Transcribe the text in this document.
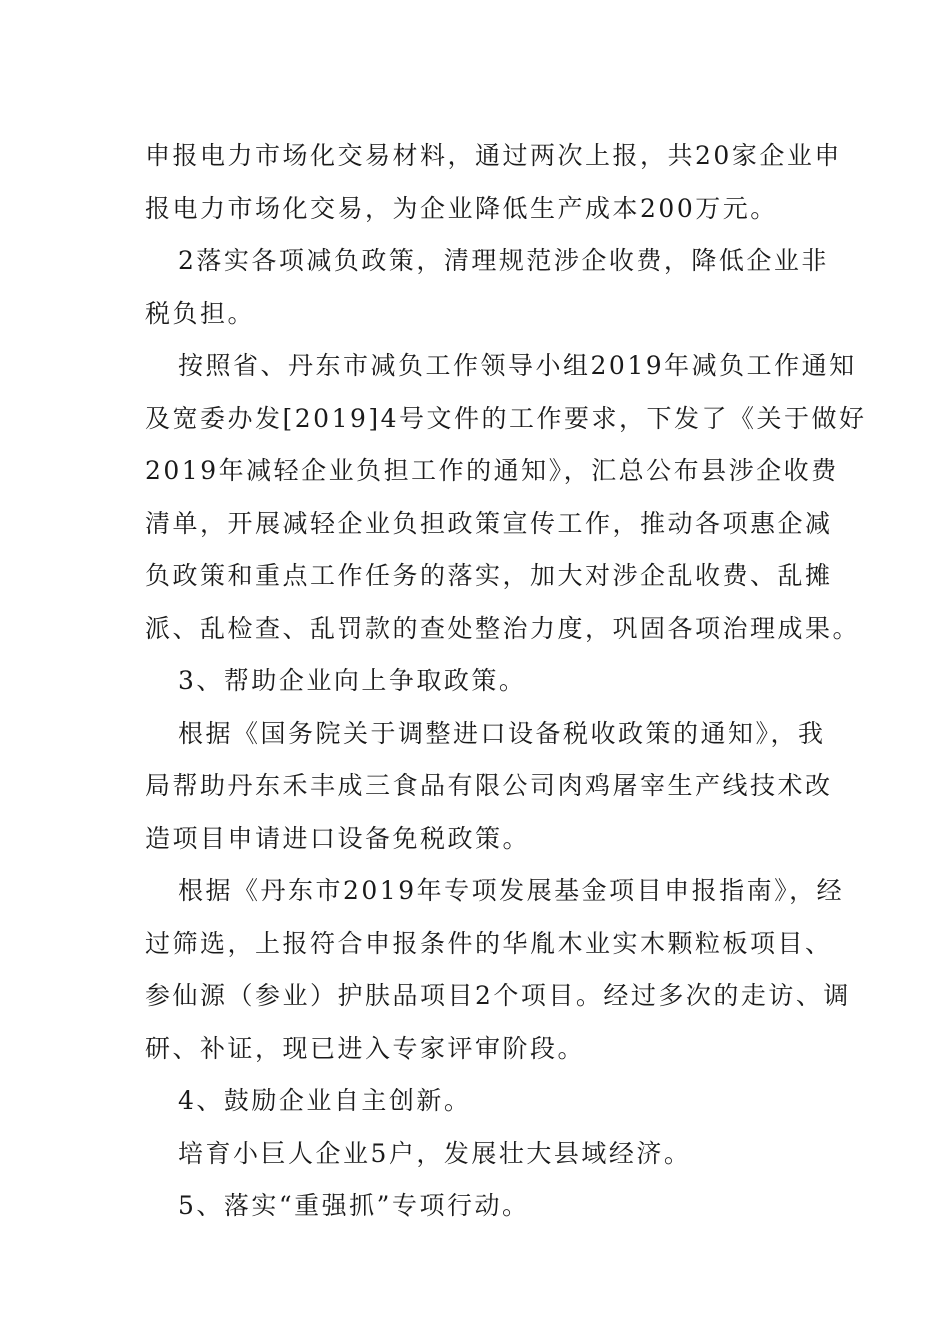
申报电力市场化交易材料，通过两次上报，共20家企业申
报电力市场化交易，为企业降低生产成本200万元。
2落实各项减负政策，清理规范涉企收费，降低企业非
税负担。
按照省、丹东市减负工作领导小组2019年减负工作通知
及宽委办发[2019]4号文件的工作要求，下发了《关于做好
2019年减轻企业负担工作的通知》，汇总公布县涉企收费
清单，开展减轻企业负担政策宣传工作，推动各项惠企减
负政策和重点工作任务的落实，加大对涉企乱收费、乱摊
派、乱检查、乱罚款的查处整治力度，巩固各项治理成果。
3、帮助企业向上争取政策。
根据《国务院关于调整进口设备税收政策的通知》，我
局帮助丹东禾丰成三食品有限公司肉鸡屠宰生产线技术改
造项目申请进口设备免税政策。
根据《丹东市2019年专项发展基金项目申报指南》，经
过筛选，上报符合申报条件的华胤木业实木颗粒板项目、
参仙源（参业）护肤品项目2个项目。经过多次的走访、调
研、补证，现已进入专家评审阶段。
4、鼓励企业自主创新。
培育小巨人企业5户，发展壮大县域经济。
5、落实“重强抓”专项行动。
